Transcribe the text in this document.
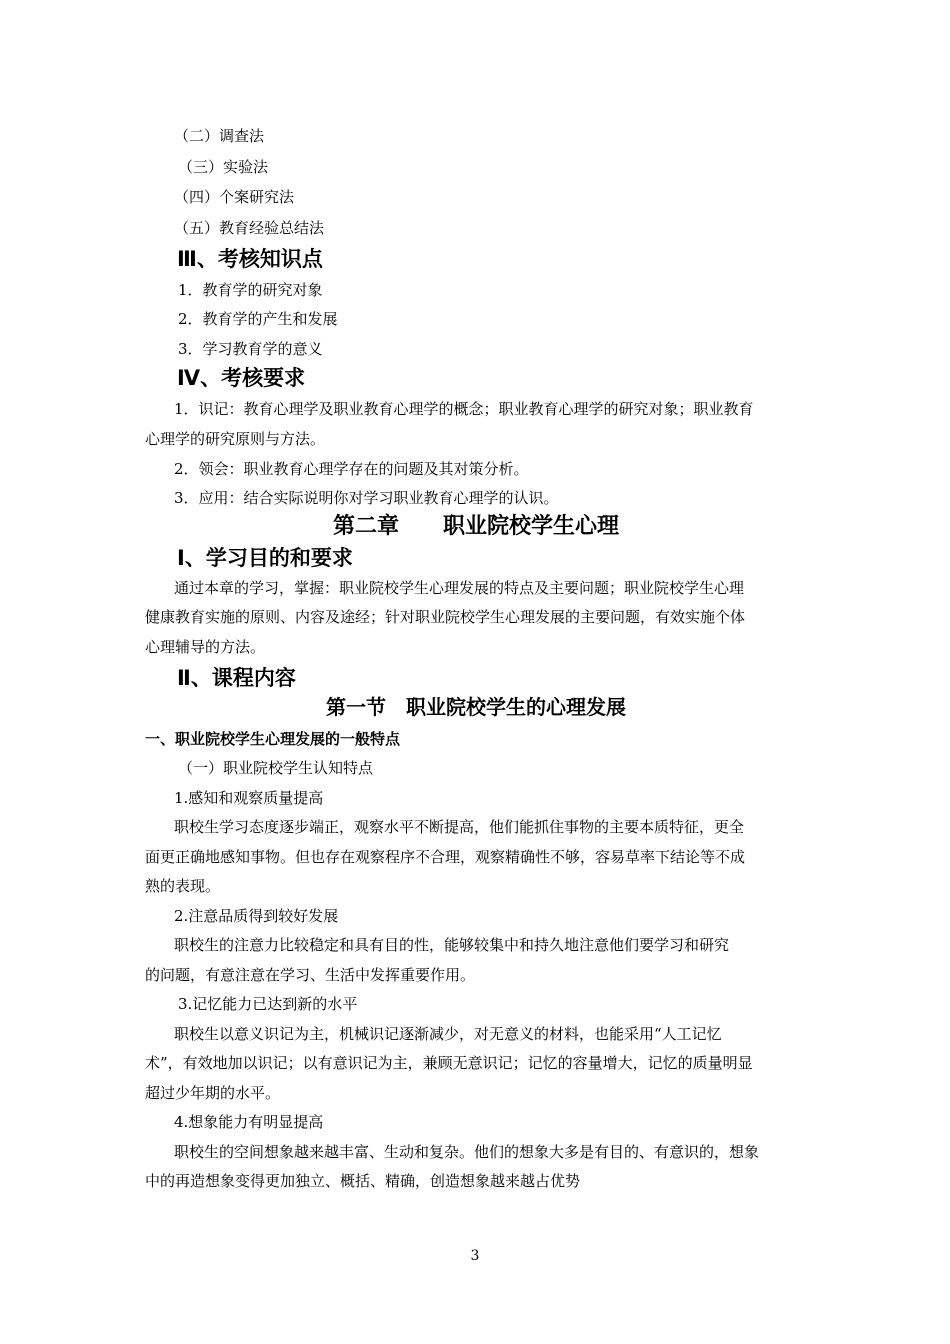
（二）调查法
（三）实验法
（四）个案研究法
（五）教育经验总结法
Ⅲ、考核知识点
1．教育学的研究对象
2．教育学的产生和发展
3．学习教育学的意义
Ⅳ、考核要求
1．识记：教育心理学及职业教育心理学的概念；职业教育心理学的研究对象；职业教育
心理学的研究原则与方法。
2．领会：职业教育心理学存在的问题及其对策分析。
3．应用：结合实际说明你对学习职业教育心理学的认识。
第二章　　职业院校学生心理
Ⅰ、学习目的和要求
通过本章的学习，掌握：职业院校学生心理发展的特点及主要问题；职业院校学生心理
健康教育实施的原则、内容及途经；针对职业院校学生心理发展的主要问题，有效实施个体
心理辅导的方法。
Ⅱ、课程内容
第一节　职业院校学生的心理发展
一、职业院校学生心理发展的一般特点
（一）职业院校学生认知特点
1.感知和观察质量提高
职校生学习态度逐步端正，观察水平不断提高，他们能抓住事物的主要本质特征，更全
面更正确地感知事物。但也存在观察程序不合理，观察精确性不够，容易草率下结论等不成
熟的表现。
2.注意品质得到较好发展
职校生的注意力比较稳定和具有目的性，能够较集中和持久地注意他们要学习和研究
的问题，有意注意在学习、生活中发挥重要作用。
3.记忆能力已达到新的水平
职校生以意义识记为主，机械识记逐渐减少，对无意义的材料，也能采用“人工记忆
术”，有效地加以识记；以有意识记为主，兼顾无意识记；记忆的容量增大，记忆的质量明显
超过少年期的水平。
4.想象能力有明显提高
职校生的空间想象越来越丰富、生动和复杂。他们的想象大多是有目的、有意识的，想象
中的再造想象变得更加独立、概括、精确，创造想象越来越占优势
3
